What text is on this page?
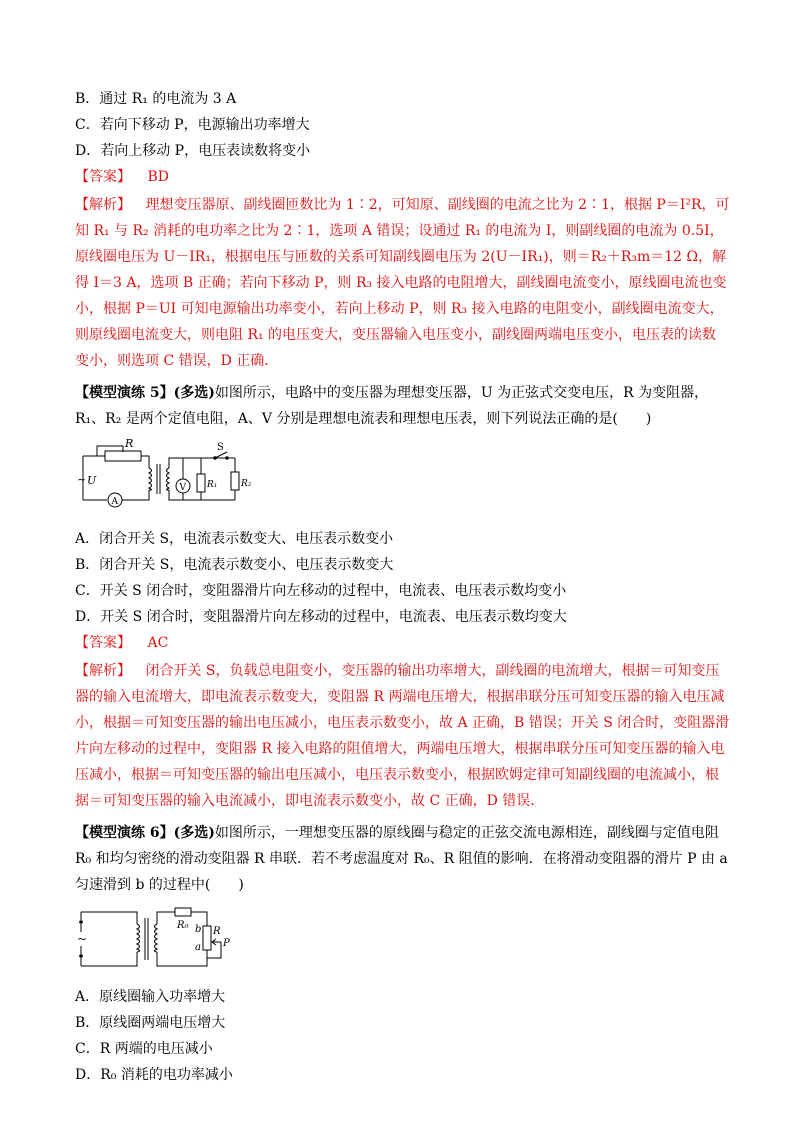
B．通过 R₁ 的电流为 3 A
C．若向下移动 P，电源输出功率增大
D．若向上移动 P，电压表读数将变小
【答案】 BD
【解析】 理想变压器原、副线圈匝数比为 1∶2，可知原、副线圈的电流之比为 2∶1，根据 P＝I²R，可知 R₁ 与 R₂ 消耗的电功率之比为 2∶1，选项 A 错误；设通过 R₁ 的电流为 I，则副线圈的电流为 0.5I，原线圈电压为 U－IR₁，根据电压与匝数的关系可知副线圈电压为 2(U－IR₁)，则＝R₂＋R₃m＝12 Ω，解得 I＝3 A，选项 B 正确；若向下移动 P，则 R₃ 接入电路的电阻增大，副线圈电流变小，原线圈电流也变小，根据 P＝UI 可知电源输出功率变小，若向上移动 P，则 R₃ 接入电路的电阻变小，副线圈电流变大，则原线圈电流变大，则电阻 R₁ 的电压变大，变压器输入电压变小，副线圈两端电压变小，电压表的读数变小，则选项 C 错误，D 正确．
【模型演练 5】(多选)如图所示，电路中的变压器为理想变压器，U 为正弦式交变电压，R 为变阻器，R₁、R₂ 是两个定值电阻，A、V 分别是理想电流表和理想电压表，则下列说法正确的是(　　)
R
~ U
A
V R₁	R₂
S
A．闭合开关 S，电流表示数变大、电压表示数变小
B．闭合开关 S，电流表示数变小、电压表示数变大
C．开关 S 闭合时，变阻器滑片向左移动的过程中，电流表、电压表示数均变小
D．开关 S 闭合时，变阻器滑片向左移动的过程中，电流表、电压表示数均变大
【答案】 AC
【解析】 闭合开关 S，负载总电阻变小，变压器的输出功率增大，副线圈的电流增大，根据＝可知变压器的输入电流增大，即电流表示数变大，变阻器 R 两端电压增大，根据串联分压可知变压器的输入电压减小，根据＝可知变压器的输出电压减小，电压表示数变小，故 A 正确，B 错误；开关 S 闭合时，变阻器滑片向左移动的过程中，变阻器 R 接入电路的阻值增大，两端电压增大，根据串联分压可知变压器的输入电压减小，根据＝可知变压器的输出电压减小，电压表示数变小，根据欧姆定律可知副线圈的电流减小，根据＝可知变压器的输入电流减小，即电流表示数变小，故 C 正确，D 错误．
【模型演练 6】(多选)如图所示，一理想变压器的原线圈与稳定的正弦交流电源相连，副线圈与定值电阻 R₀ 和均匀密绕的滑动变阻器 R 串联．若不考虑温度对 R₀、R 阻值的影响．在将滑动变阻器的滑片 P 由 a 匀速滑到 b 的过程中(　　)
~
R₀
R
b
a P
A．原线圈输入功率增大
B．原线圈两端电压增大
C．R 两端的电压减小
D．R₀ 消耗的电功率减小
